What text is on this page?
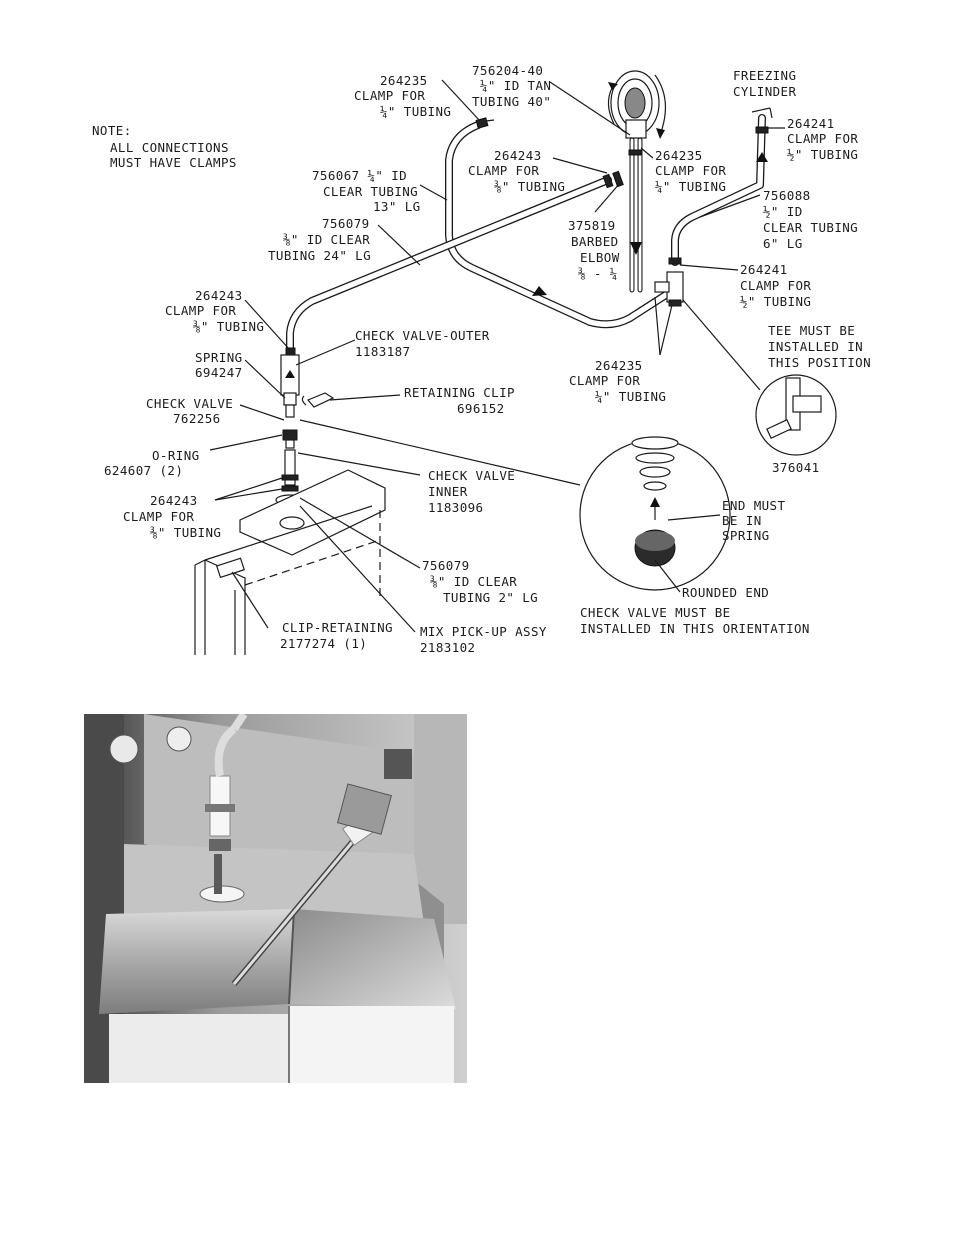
NOTE:
ALL CONNECTIONS
MUST HAVE CLAMPS
264235
CLAMP FOR
¼" TUBING
756204-40
¼" ID TAN
TUBING 40"
FREEZING
CYLINDER
264241
CLAMP FOR
½" TUBING
264243
CLAMP FOR
⅜" TUBING
264235
CLAMP FOR
¼" TUBING
756067 ¼" ID
CLEAR TUBING
13" LG
756088
½" ID
CLEAR TUBING
6" LG
756079
⅜" ID CLEAR
TUBING 24" LG
375819
BARBED
ELBOW
⅜ - ¼	264241
CLAMP FOR
½" TUBING
264243
CLAMP FOR
⅜" TUBING	TEE MUST BE
INSTALLED IN
THIS POSITION
CHECK VALVE-OUTER
1183187
SPRING
694247	264235
CLAMP FOR
¼" TUBING
RETAINING CLIP
696152
CHECK VALVE
762256
376041
O-RING
624607 (2)	CHECK VALVE
INNER
1183096	END MUST
BE IN
SPRING
264243
CLAMP FOR
⅜" TUBING
756079
⅜" ID CLEAR
TUBING 2" LG	ROUNDED END
CHECK VALVE MUST BE
INSTALLED IN THIS ORIENTATION
CLIP-RETAINING
2177274 (1)
MIX PICK-UP ASSY
2183102
